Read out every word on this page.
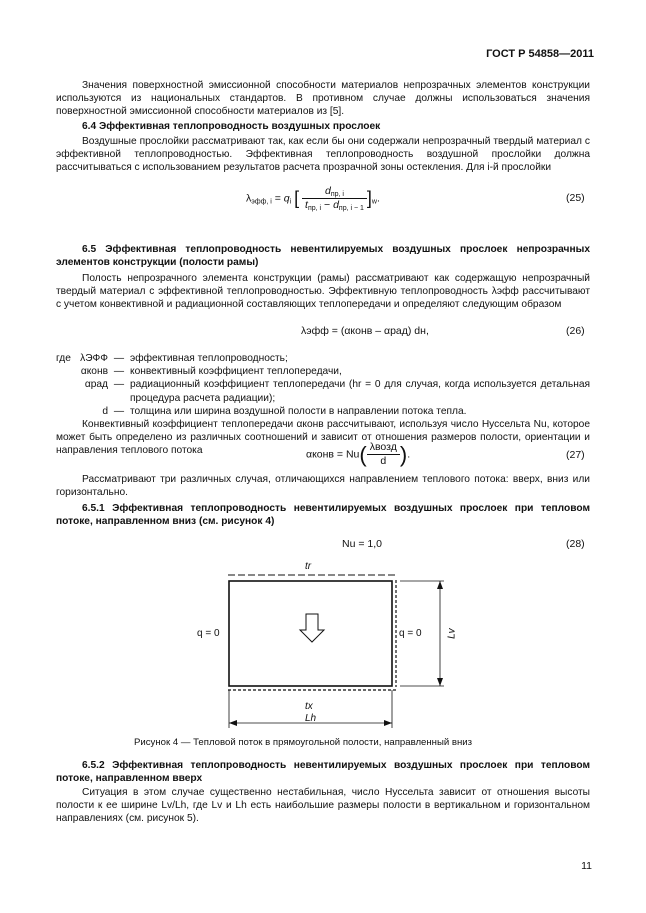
ГОСТ Р 54858—2011
Значения поверхностной эмиссионной способности материалов непрозрачных элементов конструкции используются из национальных стандартов. В противном случае должны использоваться значения поверхностной эмиссионной способности материалов из [5].
6.4 Эффективная теплопроводность воздушных прослоек
Воздушные прослойки рассматривают так, как если бы они содержали непрозрачный твердый материал с эффективной теплопроводностью. Эффективная теплопроводность воздушной прослойки должна рассчитываться с использованием результатов расчета прозрачной зоны остекления. Для i-й прослойки
$\lambda_{эфф, i} = q_i$ [ $\frac{d_{пр, i}}{t_{пр, i} - d_{пр, i - 1}} ]_w$.	(25)
6.5 Эффективная теплопроводность невентилируемых воздушных прослоек непрозрачных элементов конструкции (полости рамы)
Полость непрозрачного элемента конструкции (рамы) рассматривают как содержащую непрозрачный твердый материал с эффективной теплопроводностью. Эффективную теплопроводность λэфф рассчитывают с учетом конвективной и радиационной составляющих теплопередачи и определяют следующим образом
λэфф = (αконв – αрад) dн,	(26)
где λЭФФ — эффективная теплопроводность;
αконв — конвективный коэффициент теплопередачи,
αрад — радиационный коэффициент теплопередачи (hr = 0 для случая, когда используется детальная процедура расчета радиации);
d — толщина или ширина воздушной полости в направлении потока тепла.
Конвективный коэффициент теплопередачи αконв рассчитывают, используя число Нуссельта Nu, которое может быть определено из различных соотношений и зависит от отношения размеров полости, ориентации и направления теплового потока	αконв = $Nu( \frac{\text{λвозд}}{d}$ ).	(27)
Рассматривают три различных случая, отличающихся направлением теплового потока: вверх, вниз или горизонтально.
6.5.1 Эффективная теплопроводность невентилируемых воздушных прослоек при тепловом потоке, направленном вниз (см. рисунок 4)
Nu = 1,0	(28)
tr
q = 0	q = 0	Lv
tx
Lh
Рисунок 4 — Тепловой поток в прямоугольной полости, направленный вниз
6.5.2 Эффективная теплопроводность невентилируемых воздушных прослоек при тепловом потоке, направленном вверх
Ситуация в этом случае существенно нестабильная, число Нуссельта зависит от отношения высоты полости к ее ширине Lv/Lh, где Lv и Lh есть наибольшие размеры полости в вертикальном и горизонтальном направлениях (см. рисунок 5).
11
